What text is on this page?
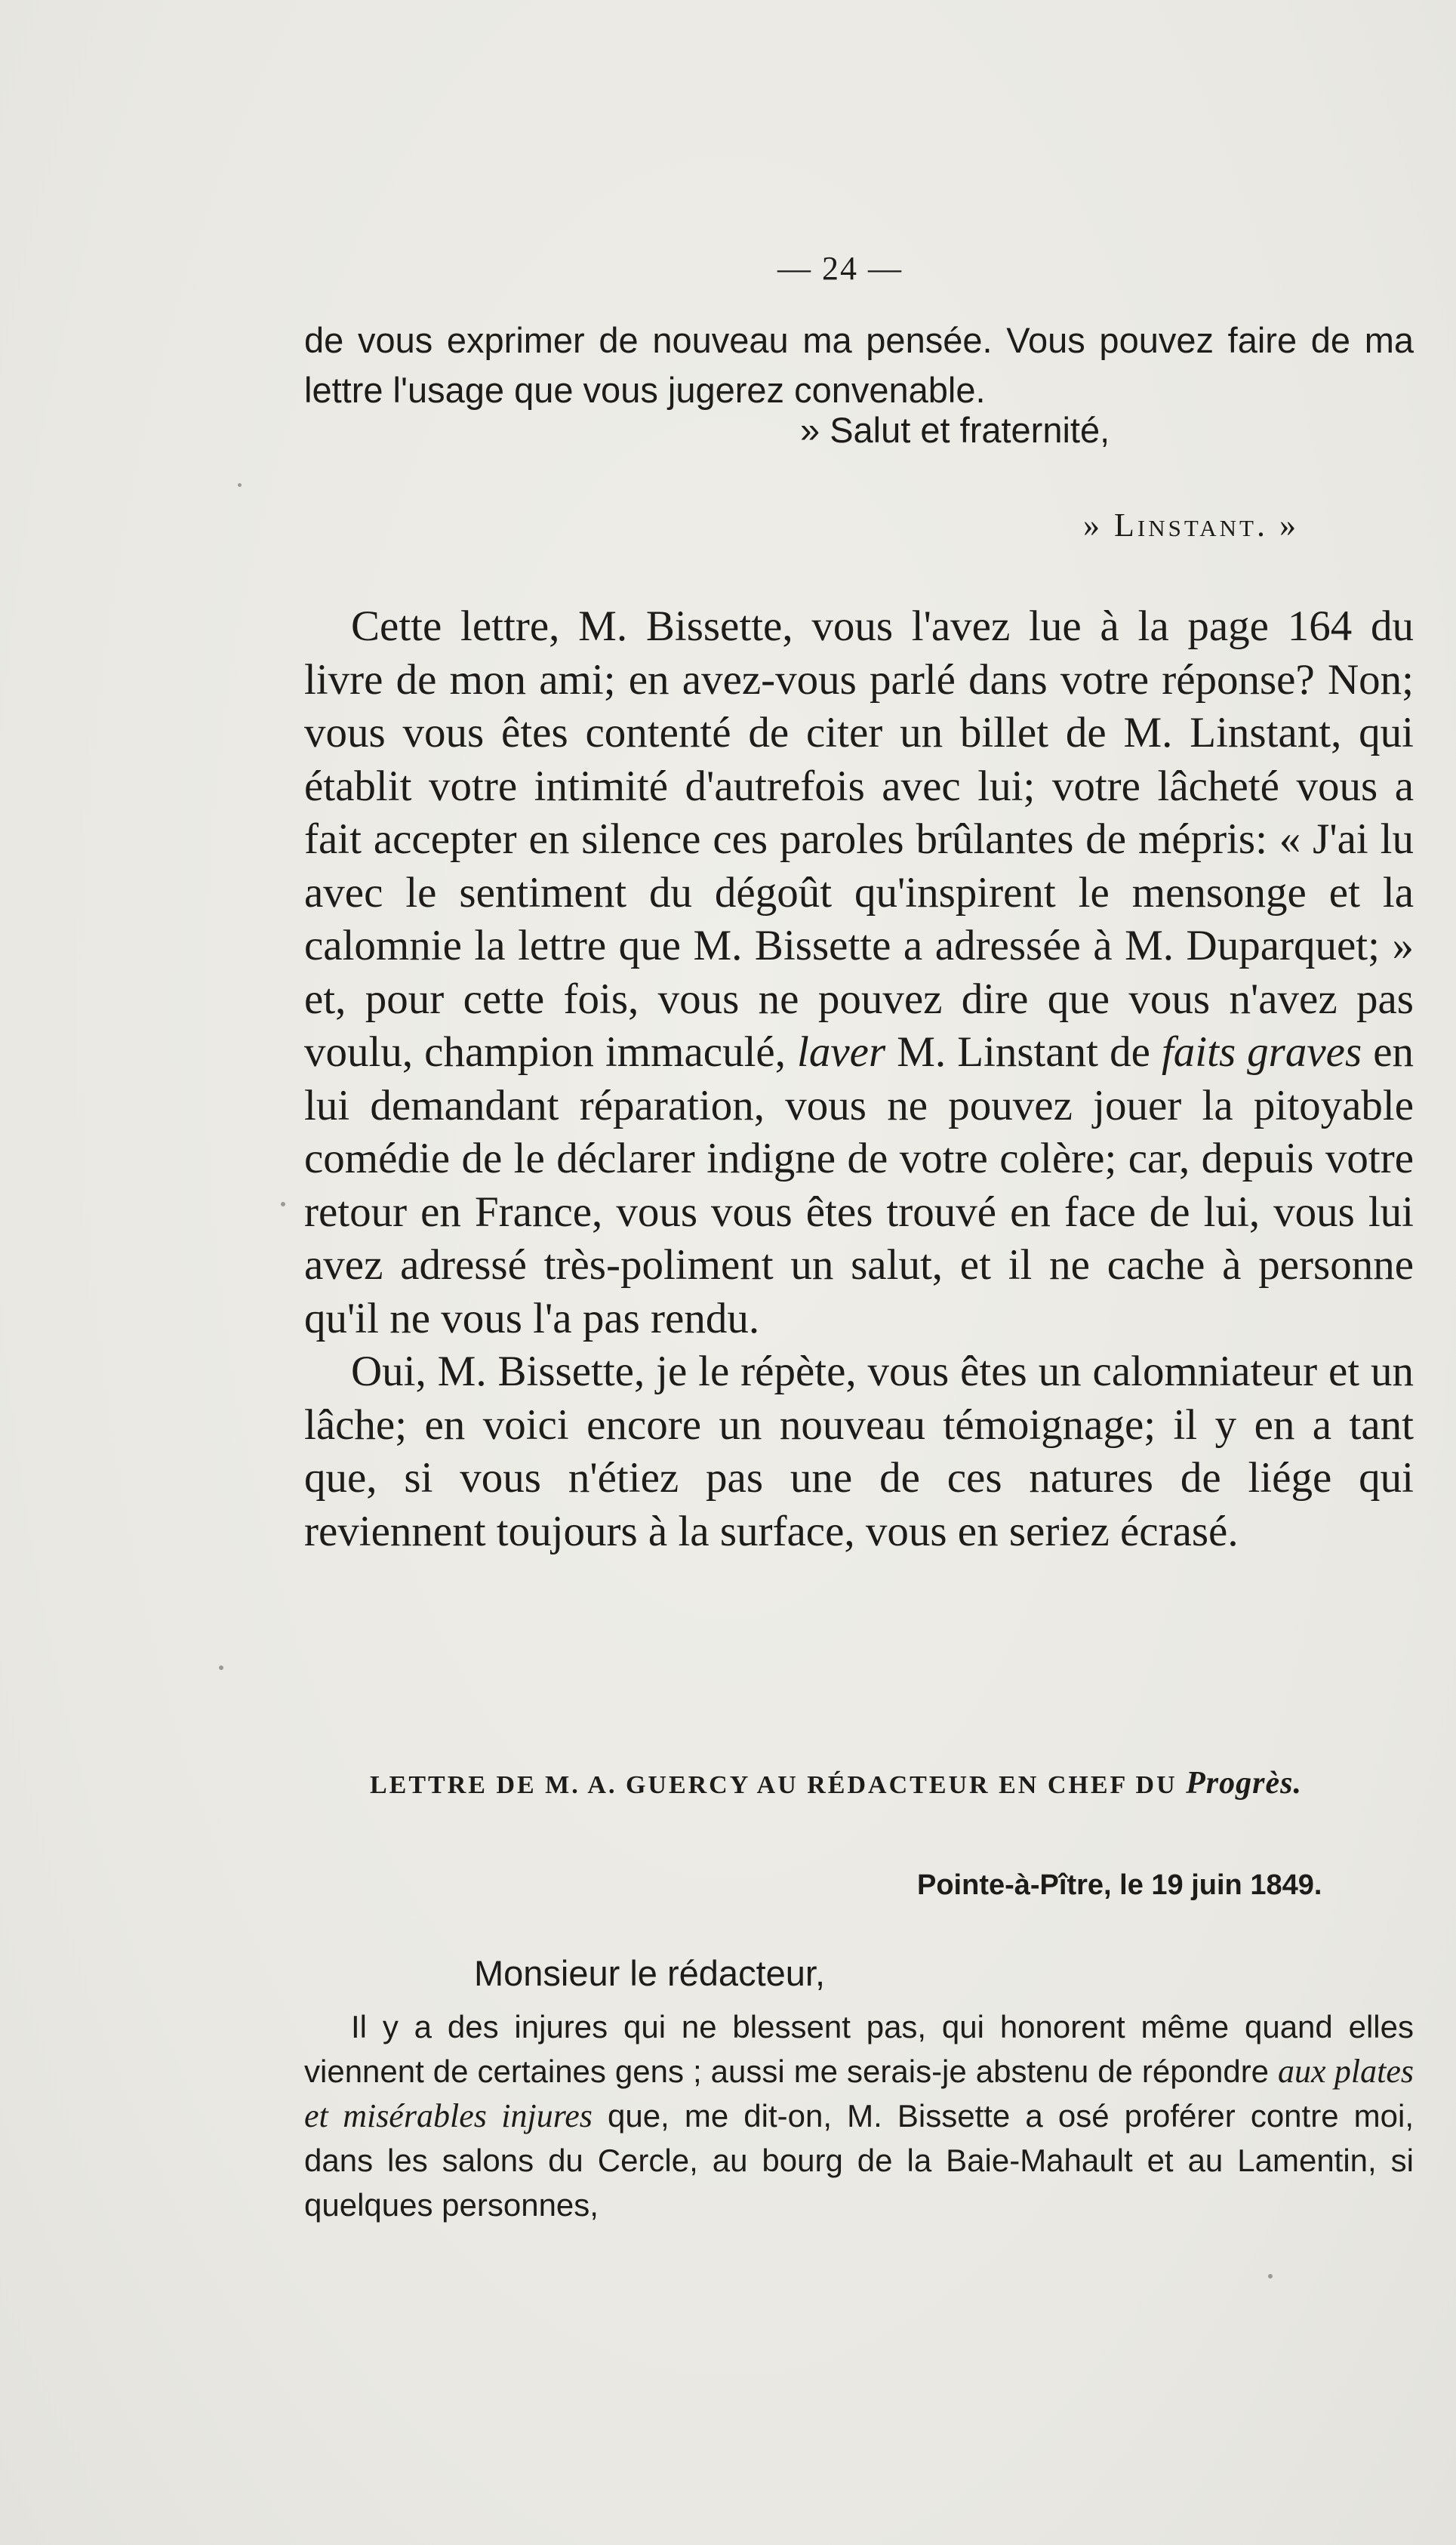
— 24 —

de vous exprimer de nouveau ma pensée. Vous pouvez faire de ma lettre l'usage que vous jugerez convenable.

» Salut et fraternité,
» Linstant. »

Cette lettre, M. Bissette, vous l'avez lue à la page 164 du livre de mon ami; en avez-vous parlé dans votre réponse? Non; vous vous êtes contenté de citer un billet de M. Linstant, qui établit votre intimité d'autrefois avec lui; votre lâcheté vous a fait accepter en silence ces paroles brûlantes de mépris: « J'ai lu avec le sentiment du dégoût qu'inspirent le mensonge et la calomnie la lettre que M. Bissette a adressée à M. Duparquet; » et, pour cette fois, vous ne pouvez dire que vous n'avez pas voulu, champion immaculé, laver M. Linstant de faits graves en lui demandant réparation, vous ne pouvez jouer la pitoyable comédie de le déclarer indigne de votre colère; car, depuis votre retour en France, vous vous êtes trouvé en face de lui, vous lui avez adressé très-poliment un salut, et il ne cache à personne qu'il ne vous l'a pas rendu.

Oui, M. Bissette, je le répète, vous êtes un calomniateur et un lâche; en voici encore un nouveau témoignage; il y en a tant que, si vous n'étiez pas une de ces natures de liége qui reviennent toujours à la surface, vous en seriez écrasé.

LETTRE DE M. A. GUERCY AU RÉDACTEUR EN CHEF DU Progrès.
Pointe-à-Pître, le 19 juin 1849.
Monsieur le rédacteur,

Il y a des injures qui ne blessent pas, qui honorent même quand elles viennent de certaines gens ; aussi me serais-je abstenu de répondre aux plates et misérables injures que, me dit-on, M. Bissette a osé proférer contre moi, dans les salons du Cercle, au bourg de la Baie-Mahault et au Lamentin, si quelques personnes,
